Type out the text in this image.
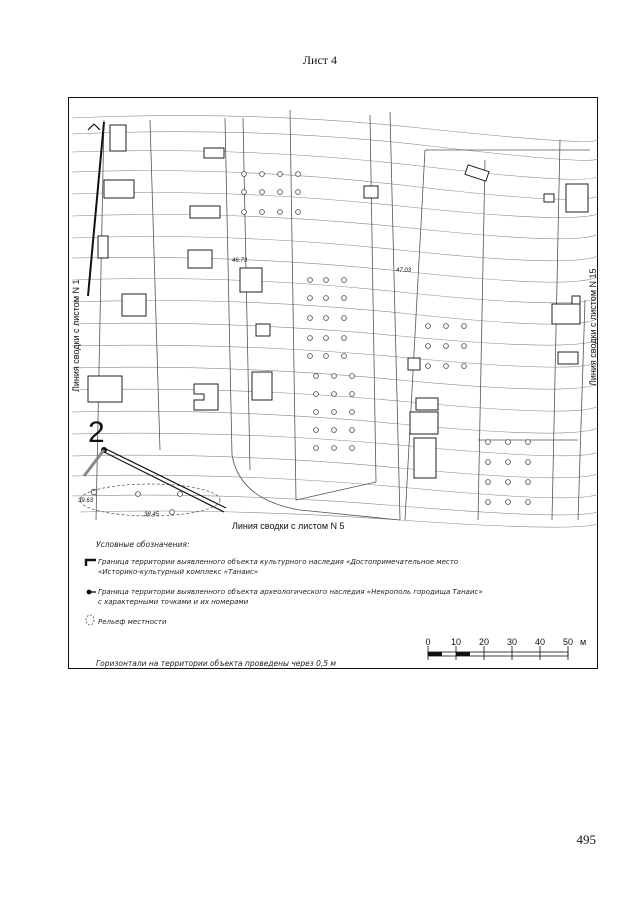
Лист 4
2
46.73
47.03
39.63
38.45
Линия сводки с листом N 1	Линия сводки с листом N 15
Линия сводки с листом N 5
Условные обозначения:
Граница территории выявленного объекта культурного наследия «Достопримечательное место
«Историко-культурный комплекс «Танаис»
Граница территории выявленного объекта археологического наследия «Некрополь городища Танаис»
с характерными точками и их номерами
Рельеф местности
Горизонтали на территории объекта проведены через 0,5 м
0 10 20 30 40 50 м
495
